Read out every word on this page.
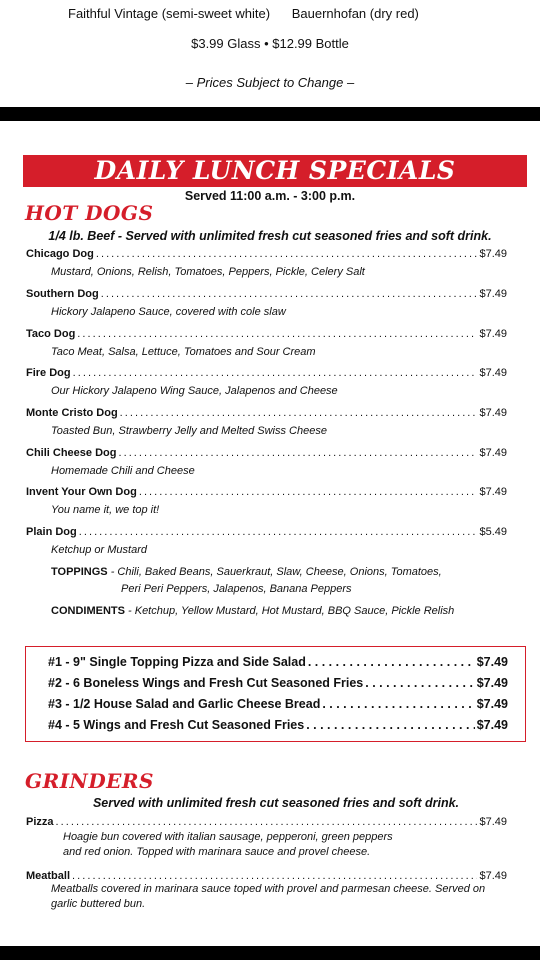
Faithful Vintage (semi-sweet white) Bauernhofan (dry red)
$3.99 Glass • $12.99 Bottle
– Prices Subject to Change –
DAILY LUNCH SPECIALS
Served 11:00 a.m. - 3:00 p.m.
HOT DOGS
1/4 lb. Beef - Served with unlimited fresh cut seasoned fries and soft drink.
Chicago Dog . . .	$7.49
Mustard, Onions, Relish, Tomatoes, Peppers, Pickle, Celery Salt
Southern Dog . . .	$7.49
Hickory Jalapeno Sauce, covered with cole slaw
Taco Dog . . .	$7.49
Taco Meat, Salsa, Lettuce, Tomatoes and Sour Cream
Fire Dog . . .	$7.49
Our Hickory Jalapeno Wing Sauce, Jalapenos and Cheese
Monte Cristo Dog . . .	$7.49
Toasted Bun, Strawberry Jelly and Melted Swiss Cheese
Chili Cheese Dog . . .	$7.49
Homemade Chili and Cheese
Invent Your Own Dog . . .	$7.49
You name it, we top it!
Plain Dog . . .	$5.49
Ketchup or Mustard
TOPPINGS - Chili, Baked Beans, Sauerkraut, Slaw, Cheese, Onions, Tomatoes,
Peri Peri Peppers, Jalapenos, Banana Peppers
CONDIMENTS - Ketchup, Yellow Mustard, Hot Mustard, BBQ Sauce, Pickle Relish
#1 - 9" Single Topping Pizza and Side Salad . . .	$7.49
#2 - 6 Boneless Wings and Fresh Cut Seasoned Fries . . .	$7.49
#3 - 1/2 House Salad and Garlic Cheese Bread . . .	$7.49
#4 - 5 Wings and Fresh Cut Seasoned Fries . . .	$7.49
GRINDERS
Served with unlimited fresh cut seasoned fries and soft drink.
Pizza . . .	$7.49
Hoagie bun covered with italian sausage, pepperoni, green peppers
and red onion. Topped with marinara sauce and provel cheese.
Meatball . . .	$7.49
Meatballs covered in marinara sauce toped with provel and parmesan cheese. Served on
garlic buttered bun.
